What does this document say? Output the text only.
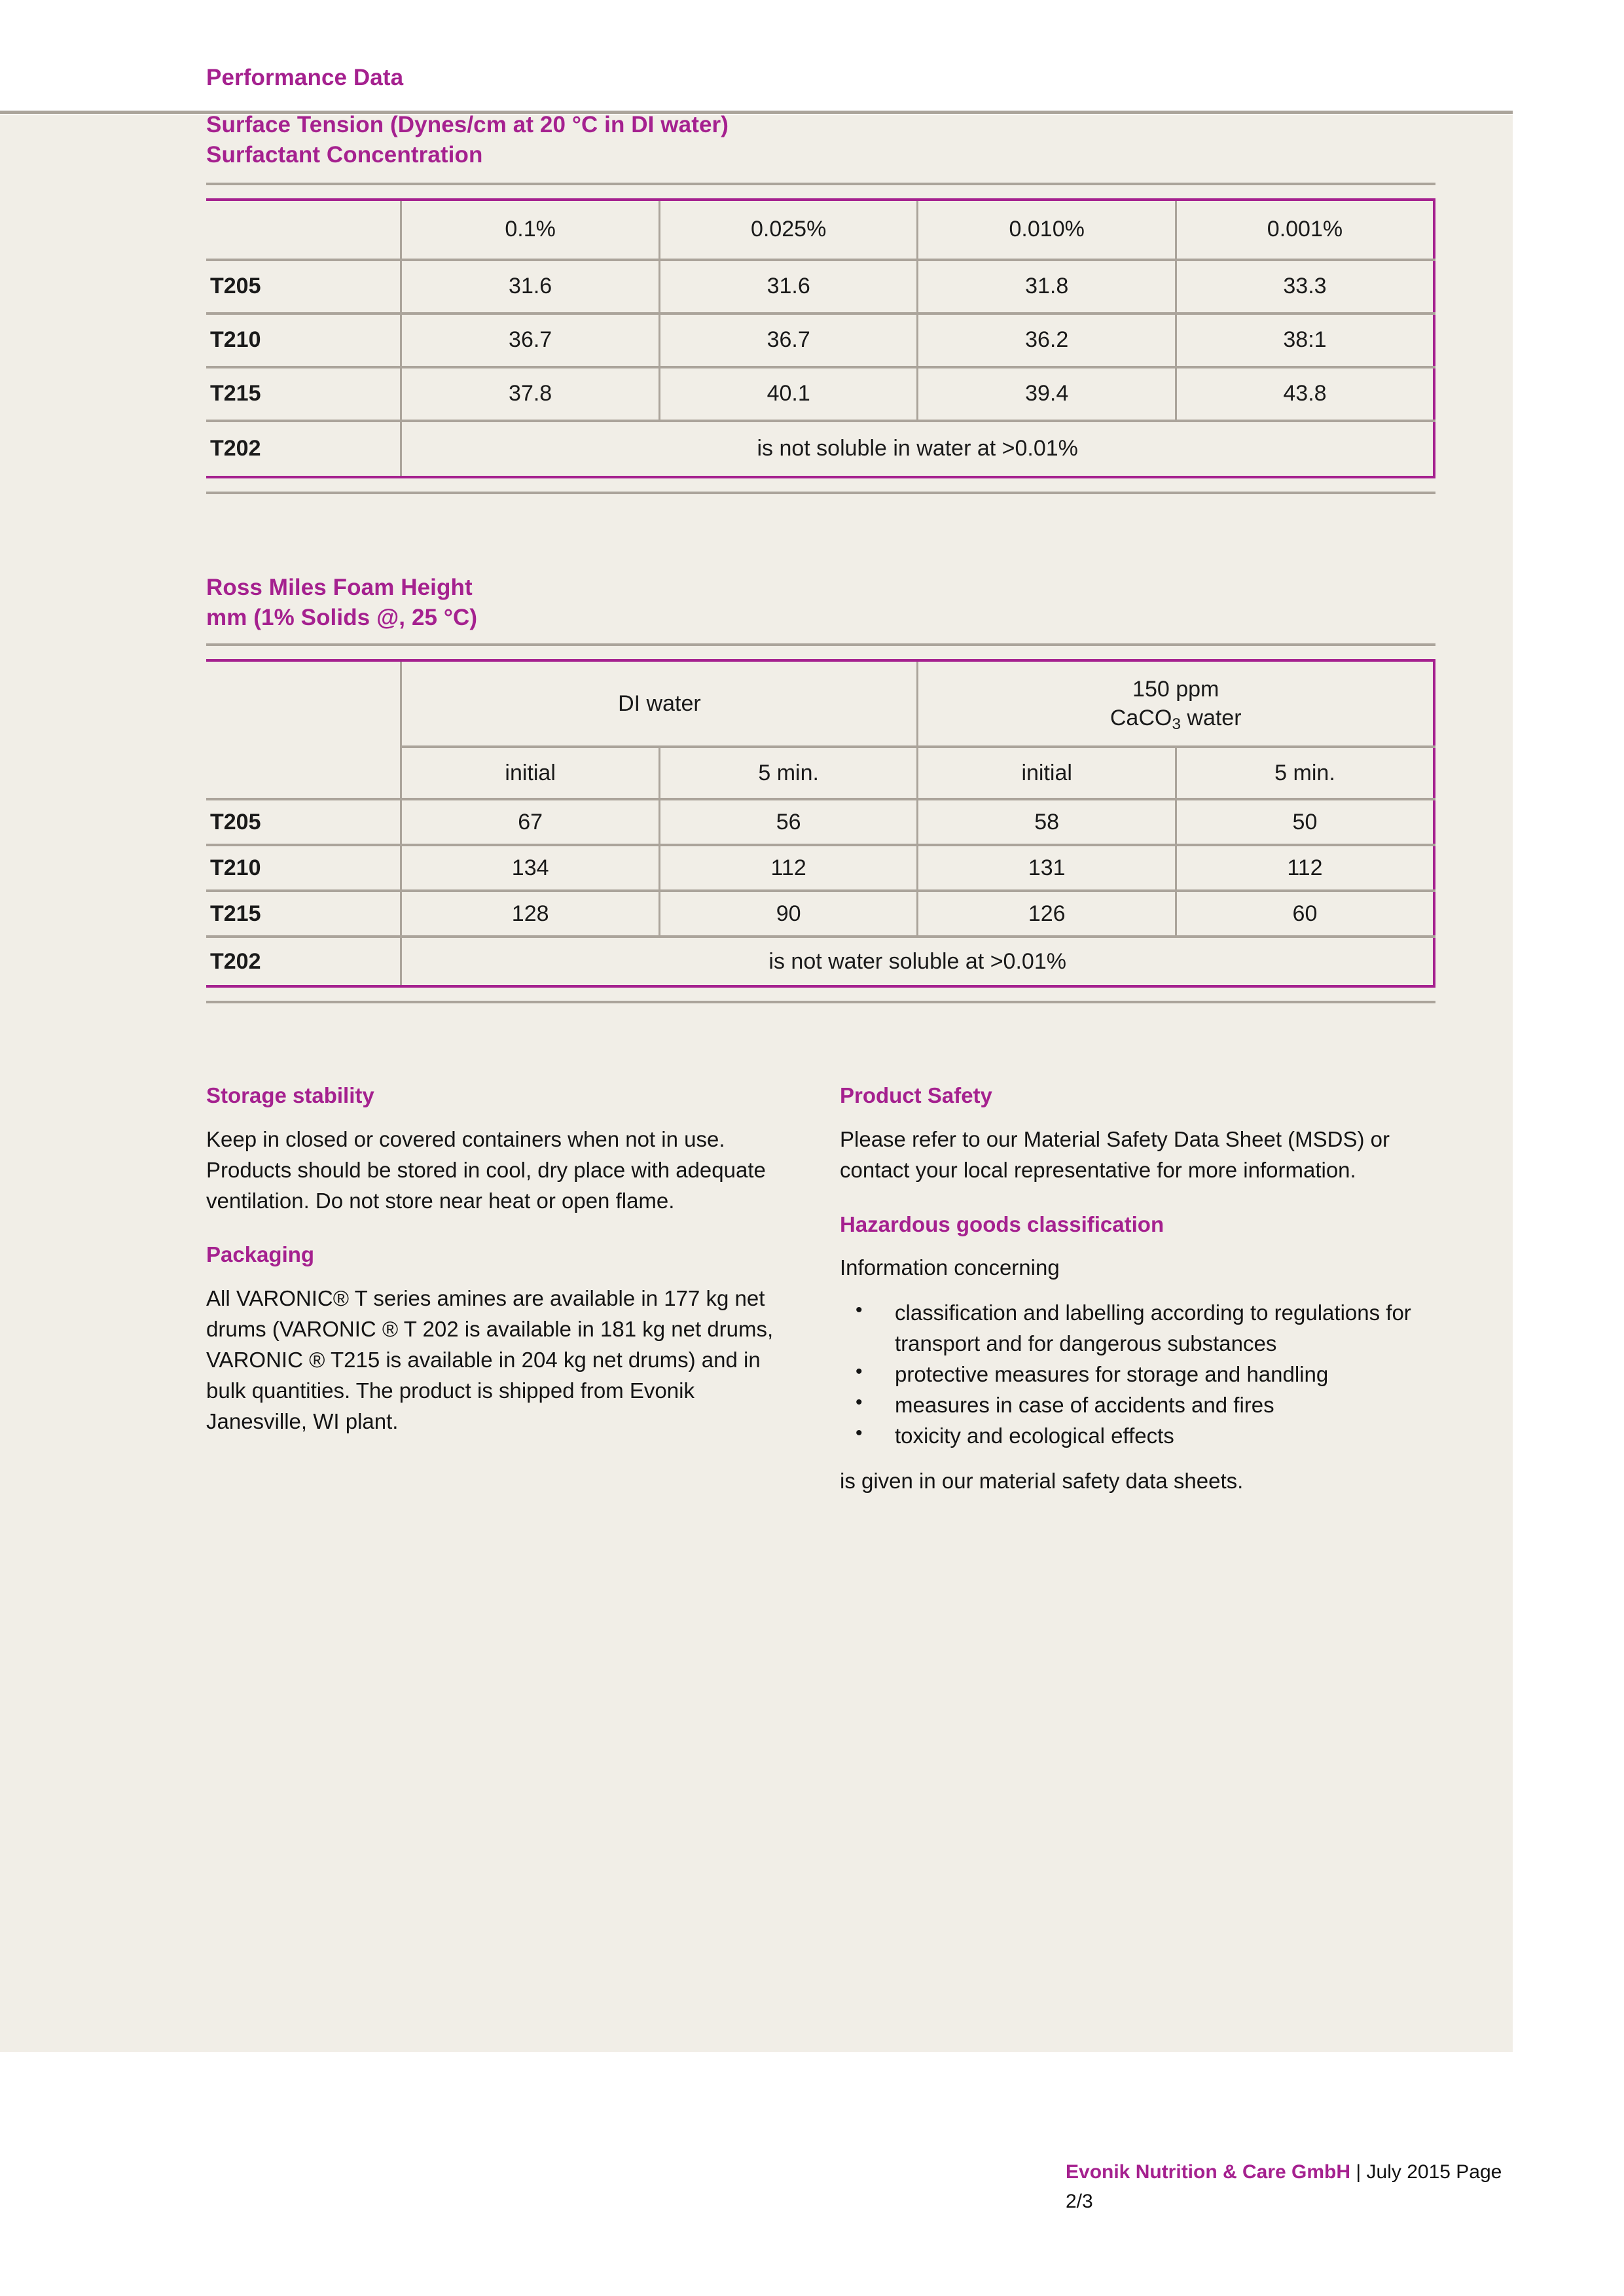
Performance Data
Surface Tension (Dynes/cm at 20 °C in DI water)
Surfactant Concentration
	0.1%	0.025%	0.010%	0.001%
T205	31.6	31.6	31.8	33.3
T210	36.7	36.7	36.2	38:1
T215	37.8	40.1	39.4	43.8
T202	is not soluble in water at >0.01%			
Ross Miles Foam Height
mm (1% Solids @, 25 °C)
	DI water		150 ppm
CaCO$_3$ water	
	initial	5 min.	initial	5 min.
T205	67	56	58	50
T210	134	112	131	112
T215	128	90	126	60
T202	is not water soluble at >0.01%			
Storage stability

Keep in closed or covered containers when not in use. Products should be stored in cool, dry place with adequate ventilation. Do not store near heat or open flame.

Packaging

All VARONIC® T series amines are available in 177 kg net drums (VARONIC ® T 202 is available in 181 kg net drums, VARONIC ® T215 is available in 204 kg net drums) and in bulk quantities. The product is shipped from Evonik Janesville, WI plant.

Product Safety

Please refer to our Material Safety Data Sheet (MSDS) or contact your local representative for more information.

Hazardous goods classification

Information concerning

• classification and labelling according to regulations for transport and for dangerous substances
• protective measures for storage and handling
• measures in case of accidents and fires
• toxicity and ecological effects

is given in our material safety data sheets.

Evonik Nutrition & Care GmbH | July 2015 Page 2/3
